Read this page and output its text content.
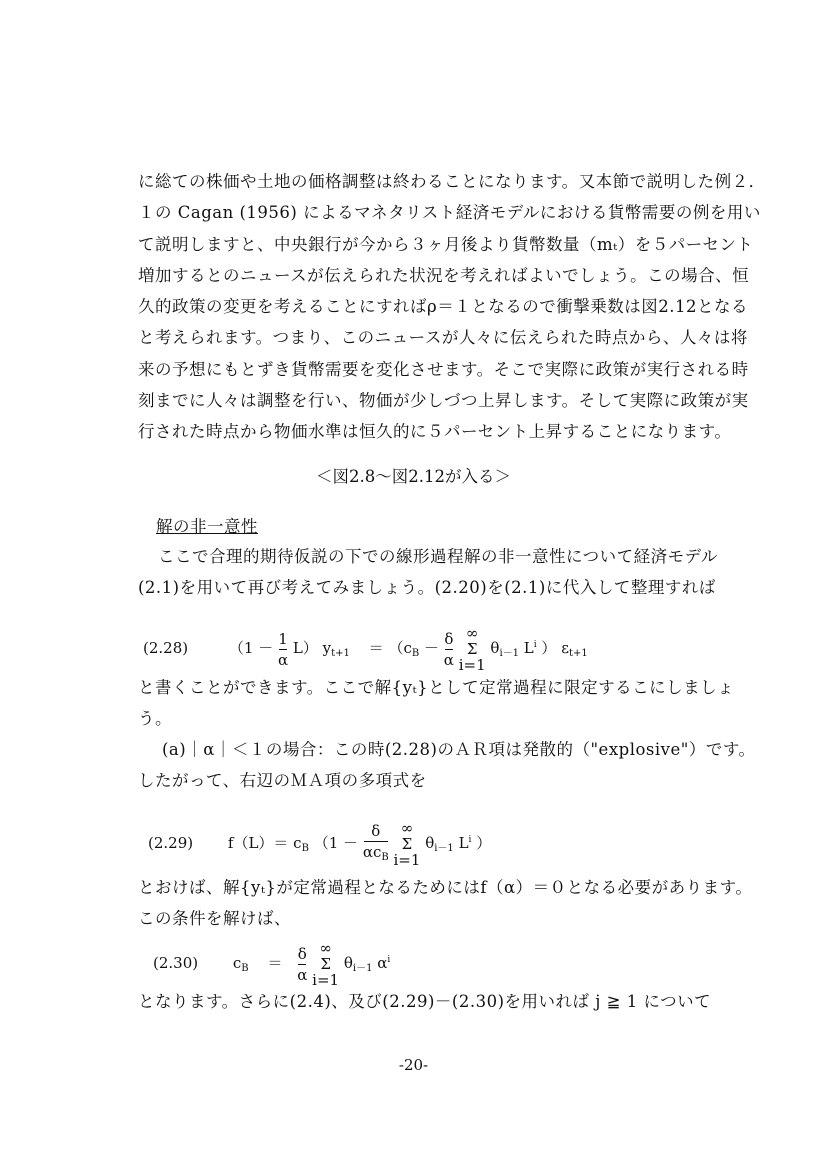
に総ての株価や土地の価格調整は終わることになります。又本節で説明した例２．
１の Cagan (1956) によるマネタリスト経済モデルにおける貨幣需要の例を用い
て説明しますと、中央銀行が今から３ヶ月後より貨幣数量（mₜ）を５パーセント
増加するとのニュースが伝えられた状況を考えればよいでしょう。この場合、恒
久的政策の変更を考えることにすればρ＝１となるので衝撃乗数は図2.12となる
と考えられます。つまり、このニュースが人々に伝えられた時点から、人々は将
来の予想にもとずき貨幣需要を変化させます。そこで実際に政策が実行される時
刻までに人々は調整を行い、物価が少しづつ上昇します。そして実際に政策が実
行された時点から物価水準は恒久的に５パーセント上昇することになります。
＜図2.8～図2.12が入る＞
解の非一意性
ここで合理的期待仮説の下での線形過程解の非一意性について経済モデル
(2.1)を用いて再び考えてみましょう。(2.20)を(2.1)に代入して整理すれば
(2.28)	$(1 - \frac{1}{\alpha} L)$ $y_{t+1} = (c_B - \frac{\delta}{\alpha}$
∞
Σ
i=1
$\theta_{i-1}$ $L^i$ ） $\varepsilon_{t+1}$
と書くことができます。ここで解{yₜ}として定常過程に限定するこにしましょ
う。
(a)｜α｜＜１の場合：この時(2.28)のＡＲ項は発散的（"explosive"）です。
したがって、右辺のＭＡ項の多項式を
(2.29) $f(L)= c_B$ （$1 - \frac{\delta}{\alpha c_B}$
∞
Σ
i=1
$\theta_{i-1}$ $L^i$ ）
とおけば、解{yₜ}が定常過程となるためにはf（α）＝０となる必要があります。
この条件を解けば、
(2.30) $c_B = \frac{\delta}{\alpha}$
∞
Σ
i=1
$\theta_{i-1}$ $\alpha^i$
となります。さらに(2.4)、及び(2.29)－(2.30)を用いれば j ≧ 1 について
-20-
